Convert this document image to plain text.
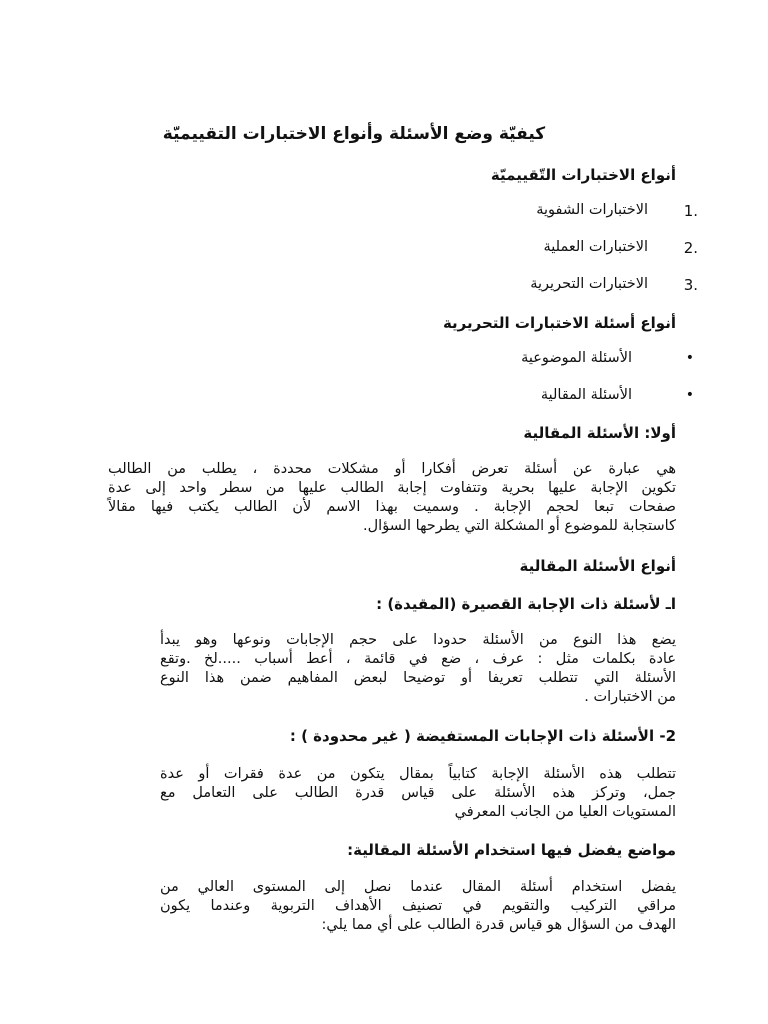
كيفيّة وضع الأسئلة وأنواع الاختبارات التقييميّة
أنواع الاختبارات التّقييميّة
1.
الاختبارات الشفوية
2.
الاختبارات العملية
3.
الاختبارات التحريرية
أنواع أسئلة الاختبارات التحريرية
•
الأسئلة الموضوعية
•
الأسئلة المقالية
أولا: الأسئلة المقالية
هي عبارة عن أسئلة تعرض أفكارا أو مشكلات محددة ، يطلب من الطالب
تكوين الإجابة عليها بحرية وتتفاوت إجابة الطالب عليها من سطر واحد إلى عدة
صفحات تبعا لحجم الإجابة . وسميت بهذا الاسم لأن الطالب يكتب فيها مقالاً
كاستجابة للموضوع أو المشكلة التي يطرحها السؤال.
أنواع الأسئلة المقالية
اـ لأسئلة ذات الإجابة القصيرة (المقيدة) :
يضع هذا النوع من الأسئلة حدودا على حجم الإجابات ونوعها وهو يبدأ
عادة بكلمات مثل : عرف ، ضع في قائمة ، أعط أسباب .....لخ .وتقع
الأسئلة التي تتطلب تعريفا أو توضيحا لبعض المفاهيم ضمن هذا النوع
من الاختبارات .
2- الأسئلة ذات الإجابات المستفيضة ( غير محدودة ) :
تتطلب هذه الأسئلة الإجابة كتابياً بمقال يتكون من عدة فقرات أو عدة
جمل، وتركز هذه الأسئلة على قياس قدرة الطالب على التعامل مع
المستويات العليا من الجانب المعرفي
مواضع يفضل فيها استخدام الأسئلة المقالية:
يفضل استخدام أسئلة المقال عندما نصل إلى المستوى العالي من
مراقي التركيب والتقويم في تصنيف الأهداف التربوية وعندما يكون
الهدف من السؤال هو قياس قدرة الطالب على أي مما يلي:
